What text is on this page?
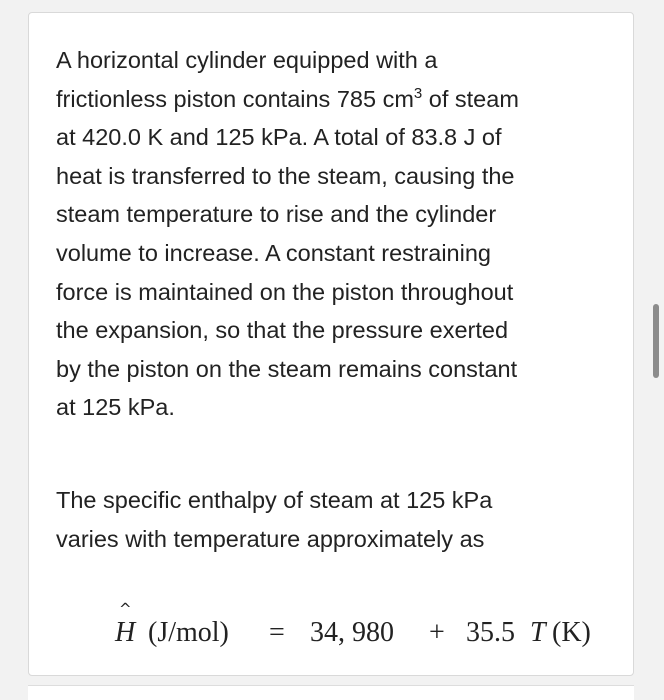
A horizontal cylinder equipped with a
frictionless piston contains 785 $cm^3$ of steam
at 420.0 K and 125 kPa. A total of 83.8 J of
heat is transferred to the steam, causing the
steam temperature to rise and the cylinder
volume to increase. A constant restraining
force is maintained on the piston throughout
the expansion, so that the pressure exerted
by the piston on the steam remains constant
at 125 kPa.

The specific enthalpy of steam at 125 kPa
varies with temperature approximately as

^
H (J/mol) = 34, 980 + 35.5 T (K)
